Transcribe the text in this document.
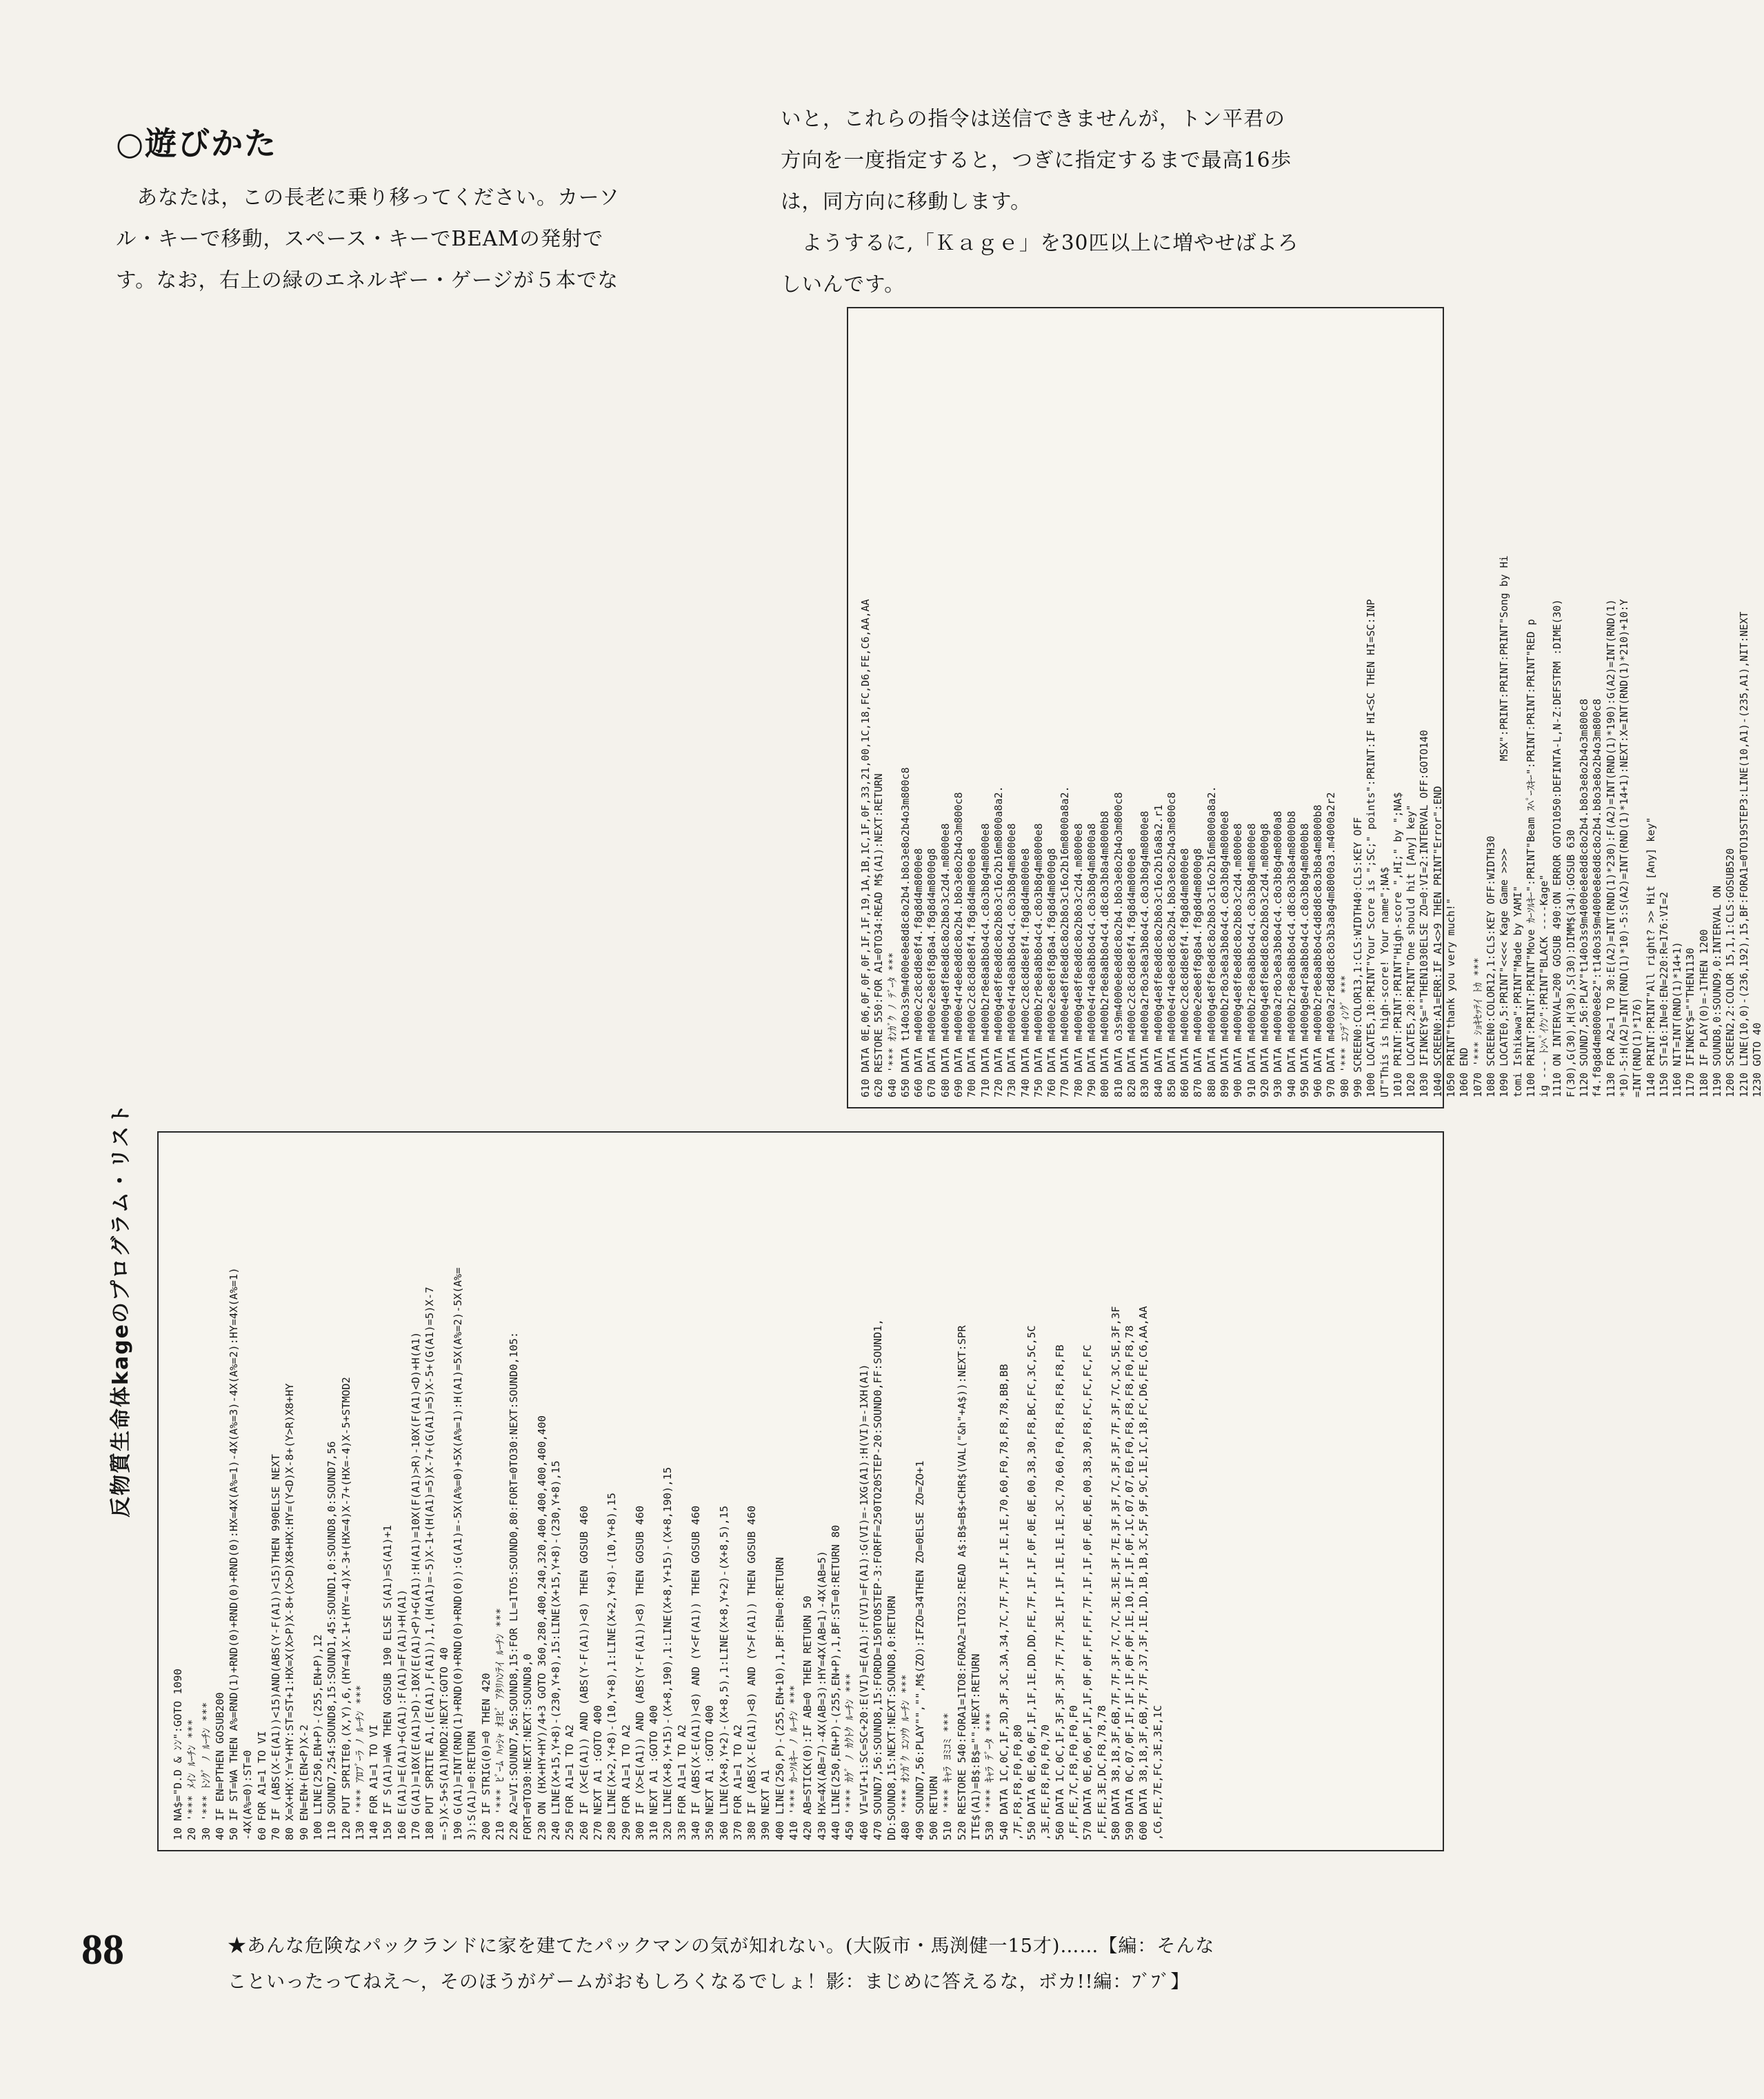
○遊びかた

　あなたは，この長老に乗り移ってください。カーソ
ル・キーで移動，スペース・キーでBEAMの発射で
す。なお，右上の緑のエネルギー・ゲージが５本でな

いと，これらの指令は送信できませんが，トン平君の
方向を一度指定すると，つぎに指定するまで最高16歩
は，同方向に移動します。
　ようするに,「Ｋａｇｅ」を30匹以上に増やせばよろ
しいんです。

610 DATA 0E,06,0F,0F,0F,1F,1F,19,1A,1B,1C,1F,0F,33,21,00,1C,18,FC,D6,FE,C6,AA,AA 620 RESTORE 550:FOR A1=0TO34:READ M$(A1):NEXT:RETURN 640 '*** ｵﾝｶﾞｸ ﾉ ﾃﾞｰﾀ *** 650 DATA t140o3s9m4000e8e8d8c8o2b4.b8o3e8o2b4o3m800c8 660 DATA m4000c2c8c8d8e8f4.f8g8d4m8000e8 670 DATA m4000e2e8e8f8g8a4.f8g8d4m8000g8 680 DATA m4000g4e8f8e8d8c8o2b8o3c2d4.m8000e8 690 DATA m4000e4r4e8e8d8c8o2b4.b8o3e8o2b4o3m800c8 700 DATA m4000c2c8c8d8e8f4.f8g8d4m8000e8 710 DATA m4000b2r8e8a8b8o4c4.c8o3b8g4m8000e8 720 DATA m4000g4e8f8e8d8c8o2b8o3c16o2b16m8000a8a2. 730 DATA m4000e4r4e8a8b8o4c4.c8o3b8g4m8000e8 740 DATA m4000c2c8c8d8e8f4.f8g8d4m8000e8 750 DATA m4000b2r8e8a8b8o4c4.c8o3b8g4m8000e8 760 DATA m4000e2e8e8f8g8a4.f8g8d4m8000g8 770 DATA m4000e4e8f8e8d8c8o2b8o3c16o2b16m8000a8a2. 780 DATA m4000g4e8f8e8d8c8o2b8o3c2d4.m8000e8 790 DATA m4000e4r4e8a8b8o4c4.c8o3b8g4m8000a8 800 DATA m4000b2r8e8a8b8o4c4.d8c8o3b8a4m8000b8 810 DATA o3s9m4000e8e8d8c8o2b4.b8o3e8o2b4o3m800c8 820 DATA m4000c2c8c8d8e8f4.f8g8d4m8000e8 830 DATA m4000a2r8o3e8a3b8o4c4.c8o3b8g4m8000e8 840 DATA m4000g4e8f8e8d8c8o2b8o3c16o2b16a8a2.r1 850 DATA m4000e4r4e8e8d8c8o2b4.b8o3e8o2b4o3m800c8 860 DATA m4000c2c8c8d8e8f4.f8g8d4m8000e8 870 DATA m4000e2e8e8f8g8a4.f8g8d4m8000g8 880 DATA m4000g4e8f8e8d8c8o2b8o3c16o2b16m8000a8a2. 890 DATA m4000b2r8o3e8a3b8o4c4.c8o3b8g4m8000e8 900 DATA m4000g4e8f8e8d8c8o2b8o3c2d4.m8000e8 910 DATA m4000b2r8e8a8b8o4c4.c8o3b8g4m8000e8 920 DATA m4000g4e8f8e8d8c8o2b8o3c2d4.m8000g8 930 DATA m4000a2r8o3e8a3b8o4c4.c8o3b8g4m8000a8 940 DATA m4000b2r8e8a8b8o4c4.d8c8o3b8a4m8000b8 950 DATA m4000g8e4r8a8b8o4c4.c8o3b8g4m8000b8 960 DATA m4000b2r8e8a8b8o4c4d8d8c8o3b8a4m8000b8 970 DATA m4000a2r8d8d8c8o3b3a8g4m8000a3.m4000a2r2 980 '*** ｴﾝﾃﾞｨﾝｸﾞ *** 990 SCREEN0:COLOR13,1:CLS:WIDTH40:CLS:KEY OFF 1000 LOCATE5,10:PRINT"Your Score is ";SC;" points":PRINT:IF HI<SC THEN HI=SC:INP UT"This is high-score! Your name";NA$ 1010 PRINT:PRINT:PRINT"High-score ",HI;" by ";NA$ 1020 LOCATE5,20:PRINT"One should hit [Any] key" 1030 IFINKEY$=""THEN1030ELSE ZO=0:VI=2:INTERVAL OFF:GOTO140 1040 SCREEN0:A1=ERR:IF A1<>9 THEN PRINT"Error":END 1050 PRINT"thank you very much!" 1060 END 1070 '*** ｼｮｷｾｯﾃｲ ﾄｶ *** 1080 SCREEN0:COLOR12,1:CLS:KEY OFF:WIDTH30 1090 LOCATE0,5:PRINT"<<<< Kage Game >>>>              MSX":PRINT:PRINT:PRINT"Song by Hi tomi Ishikawa":PRINT"Made by YAMI" 1100 PRINT:PRINT:PRINT"Move ｶｰｿﾙｷｰ":PRINT"Beam ｽﾍﾟｰｽｷｰ":PRINT:PRINT:PRINT"RED p ig --- ﾄﾝﾍﾟｲｸﾝ":PRINT"BLACK ----Kage" 1110 ON INTERVAL=200 GOSUB 490:ON ERROR GOTO1050:DEFINTA-L,N-Z:DEFSTRM :DIME(30) F(30),G(30),H(30),S(30):DIMM$(34):GOSUB 630 1120 SOUND7,56:PLAY"t140o3s9m4000e8e8d8c8o2b4.b8o3e8o2b4o3m800c8 f4.f8g8d4m8000e8e2":t140o3s9m4000e8e8d8c8o2b4.b8o3e8o2b4o3m800c8 1130 FOR A2=1 TO 30:E(A2)=INT(RND(1)*230):F(A2)=INT(RND(1)*190):G(A2)=INT(RND(1) *10)-5:H(A2)=INT(RND(1)*10)-5:S(A2)=INT(RND(1)*14+1):NEXT:X=INT(RND(1)*210)+10:Y =INT(RND(1)*176) 1140 PRINT:PRINT"All right? >> Hit [Any] key" 1150 ST=16:IN=0:EN=220:R=176:VI=2 1160 NIT=INT(RND(1)*14+1) 1170 IFINKEY$=""THEN1130 1180 IF PLAY(0)=-1THEN 1200 1190 SOUND8,0:SOUND9,0:INTERVAL ON 1200 SCREEN2,2:COLOR 15,1,1:CLS:GOSUB520 1210 LINE(10,0)-(236,192),15,BF:FORA1=0TO19STEP3:LINE(10,A1)-(235,A1),NIT:NEXT 1230 GOTO 40
反物質生命体kageのプログラム・リスト
10 NA$="D.D & ﾝﾝ":GOTO 1090 20 '*** ﾒｲﾝ ﾙｰﾁﾝ *** 30 '*** ﾄﾝｸﾞ ﾉ ﾙｰﾁﾝ *** 40 IF EN=PTHEN GOSUB200 50 IF ST=WA THEN A%=RND(1)+RND(0)+RND(0)+RND(0):HX=4X(A%=1)-4X(A%=3)-4X(A%=2):HY=4X(A%=1) -4X(A%=0):ST=0 60 FOR A1=1 TO VI 70 IF (ABS(X-E(A1))<15)AND(ABS(Y-F(A1))<15)THEN 990ELSE NEXT 80 X=X+HX:Y=Y+HY:ST=ST+1:HX=X(X>P)X-8+(X>D)X8+HX:HY=(Y<D)X-8+(Y>R)X8+HY 90 EN=EN+(EN<P)X-2 100 LINE(250,EN+P)-(255,EN+P),12 110 SOUND7,254:SOUND8,15:SOUND1,45:SOUND1,0:SOUND8,0:SOUND7,56 120 PUT SPRITE0,(X,Y),6,(HY=4)X-1+(HY=-4)X-3+(HX=4)X-7+(HX=-4)X-5+STMOD2 130 '*** ｱﾛﾌﾞｰﾗ ﾉ ﾙｰﾁﾝ *** 140 FOR A1=1 TO VI 150 IF S(A1)=WA THEN GOSUB 190 ELSE S(A1)=S(A1)+1 160 E(A1)=E(A1)+G(A1):F(A1)=F(A1)+H(A1) 170 G(A1)=10X(E(A1)>D)-10X(E(A1)<P)+G(A1):H(A1)=10X(F(A1)>R)-10X(F(A1)<D)+H(A1) 180 PUT SPRITE A1,(E(A1),F(A1)),1,(H(A1)=-5)X-1+(H(A1)=5)X-7+(G(A1)=5)X-5+(G(A1)=5)X-7 =-5)X-5+S(A1)MOD2:NEXT:GOTO 40 190 G(A1)=INT(RND(1)+RND(0)+RND(0)+RND(0)):G(A1)=-5X(A%=0)+5X(A%=1):H(A1)=5X(A%=2)-5X(A%= 3):S(A1)=0:RETURN 200 IF STRIG(0)=0 THEN 420 210 '*** ﾋﾞｰﾑ ﾊｯｼｬ ｵﾖﾋﾞ ｱﾀﾘﾊﾝﾃｲ ﾙｰﾁﾝ *** 220 A2=VI:SOUND7,56:SOUND8,15:FOR LL=1TO5:SOUND0,80:FORT=0TO30:NEXT:SOUND0,105: FORT=0TO30:NEXT:NEXT:SOUND8,0 230 ON (HX+HY+HY)/4+3 GOTO 360,280,400,240,320,400,400,400,400,400 240 LINE(X+15,Y+8)-(230,Y+8),15:LINE(X+15,Y+8)-(230,Y+8),15 250 FOR A1=1 TO A2 260 IF (X<E(A1)) AND (ABS(Y-F(A1))<8) THEN GOSUB 460 270 NEXT A1 :GOTO 400 280 LINE(X+2,Y+8)-(10,Y+8),1:LINE(X+2,Y+8)-(10,Y+8),15 290 FOR A1=1 TO A2 300 IF (X>E(A1)) AND (ABS(Y-F(A1))<8) THEN GOSUB 460 310 NEXT A1 :GOTO 400 320 LINE(X+8,Y+15)-(X+8,190),1:LINE(X+8,Y+15)-(X+8,190),15 330 FOR A1=1 TO A2 340 IF (ABS(X-E(A1))<8) AND (Y<F(A1)) THEN GOSUB 460 350 NEXT A1 :GOTO 400 360 LINE(X+8,Y+2)-(X+8,5),1:LINE(X+8,Y+2)-(X+8,5),15 370 FOR A1=1 TO A2 380 IF (ABS(X-E(A1))<8) AND (Y>F(A1)) THEN GOSUB 460 390 NEXT A1 400 LINE(250,P)-(255,EN+10),1,BF:EN=0:RETURN 410 '*** ｶｰｿﾙｷｰ ﾉ ﾙｰﾁﾝ *** 420 AB=STICK(0):IF AB=0 THEN RETURN 50 430 HX=4X(AB=7)-4X(AB=3):HY=4X(AB=1)-4X(AB=5) 440 LINE(250,EN+P)-(255,EN+P),1,BF:ST=0:RETURN 80 450 '*** ｶｹﾞ ﾉ ｶｸﾄｸ ﾙｰﾁﾝ *** 460 VI=VI+1:SC=SC+20:E(VI)=E(A1):F(VI)=F(A1):G(VI)=-1XG(A1):H(VI)=-1XH(A1) 470 SOUND7,56:SOUND8,15:FORDD=150TO8STEP-3:FORFF=250TO20STEP-20:SOUND0,FF:SOUND1, DD:SOUND8,15:NEXT:NEXT:SOUND8,0:RETURN 480 '*** ｵﾝｶﾞｸ ｴﾝｿｳ ﾙｰﾁﾝ *** 490 SOUND7,56:PLAY"","",M$(ZO):IFZO=34THEN ZO=0ELSE ZO=ZO+1 500 RETURN 510 '*** ｷｬﾗ ﾖﾐｺﾐ *** 520 RESTORE 540:FORA1=1TO8:FORA2=1TO32:READ A$:B$=B$+CHR$(VAL("&h"+A$)):NEXT:SPR ITE$(A1)=B$:B$="":NEXT:RETURN 530 '*** ｷｬﾗ ﾃﾞｰﾀ *** 540 DATA 1C,0C,1F,3D,3F,3C,3A,34,7C,7F,7F,1F,1E,1E,70,60,F0,78,F8,78,BB,BB ,7F,F8,F8,F0,F0,80 550 DATA 0E,06,0F,1F,1F,1E,DD,DD,FE,7F,1F,1F,0F,0E,0E,00,38,30,F8,BC,FC,3C,5C,5C ,3E,FE,F8,F0,F0,70 560 DATA 1C,0C,1F,3F,3F,3F,7F,7F,3E,1F,1F,1E,1E,1E,3C,70,60,F0,F8,F8,F8,F8,FB ,FF,FE,7C,F8,F0,F0,F0 570 DATA 0E,06,0F,1F,1F,0F,0F,FF,FF,7F,1F,1F,0F,0E,0E,00,38,30,F8,FC,FC,FC,FC ,FE,FE,3E,DC,F8,78,78 580 DATA 38,18,3F,6B,7F,7F,3F,7C,7C,3E,3E,3F,7E,3F,3F,7C,3F,3F,7F,3F,7C,3C,5E,3F,3F 590 DATA 0C,07,0F,1F,1F,1F,0F,0F,1E,10,1F,1F,0F,1C,07,07,E0,F0,F8,F8,F8,F0,F8,78 600 DATA 38,18,3F,6B,7F,7F,37,3F,1E,1D,1B,1B,3C,5F,9F,9C,1E,1C,18,FC,D6,FE,C6,AA,AA ,C6,FE,7E,FC,3E,3E,1C
88	★あんな危険なパックランドに家を建てたパックマンの気が知れない。(大阪市・馬渕健一15才)……【編：そんな
こといったってねえ～，そのほうがゲームがおもしろくなるでしょ！影：まじめに答えるな，ボカ!!編：ﾌﾞﾌﾞ】
